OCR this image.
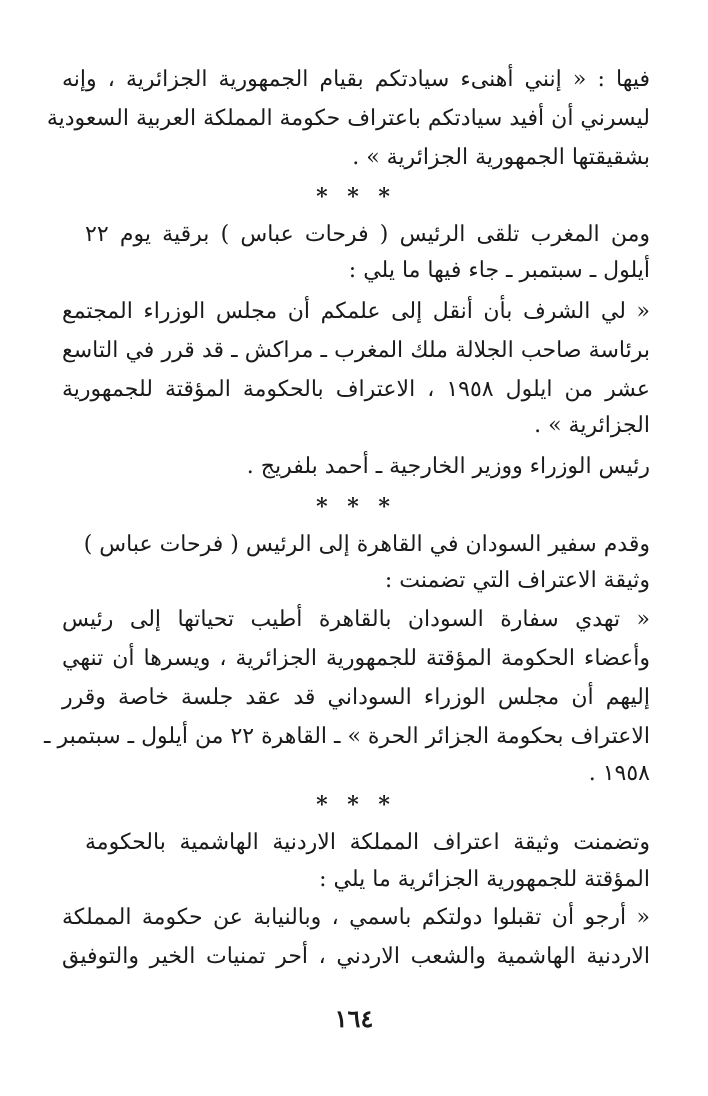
فيها : « إنني أهنىء سيادتكم بقيام الجمهورية الجزائرية ، وإنه
ليسرني أن أفيد سيادتكم باعتراف حكومة المملكة العربية السعودية
بشقيقتها الجمهورية الجزائرية » .
* * *
ومن المغرب تلقى الرئيس ( فرحات عباس ) برقية يوم ٢٢
أيلول ـ سبتمبر ـ جاء فيها ما يلي :
« لي الشرف بأن أنقل إلى علمكم أن مجلس الوزراء المجتمع
برئاسة صاحب الجلالة ملك المغرب ـ مراكش ـ قد قرر في التاسع
عشر من ايلول ١٩٥٨ ، الاعتراف بالحكومة المؤقتة للجمهورية
الجزائرية » .
رئيس الوزراء ووزير الخارجية ـ أحمد بلفريج .
* * *
وقدم سفير السودان في القاهرة إلى الرئيس ( فرحات عباس )
وثيقة الاعتراف التي تضمنت :
« تهدي سفارة السودان بالقاهرة أطيب تحياتها إلى رئيس
وأعضاء الحكومة المؤقتة للجمهورية الجزائرية ، ويسرها أن تنهي
إليهم أن مجلس الوزراء السوداني قد عقد جلسة خاصة وقرر
الاعتراف بحكومة الجزائر الحرة » ـ القاهرة ٢٢ من أيلول ـ سبتمبر ـ
١٩٥٨ .
* * *
وتضمنت وثيقة اعتراف المملكة الاردنية الهاشمية بالحكومة
المؤقتة للجمهورية الجزائرية ما يلي :
« أرجو أن تقبلوا دولتكم باسمي ، وبالنيابة عن حكومة المملكة
الاردنية الهاشمية والشعب الاردني ، أحر تمنيات الخير والتوفيق
١٦٤
